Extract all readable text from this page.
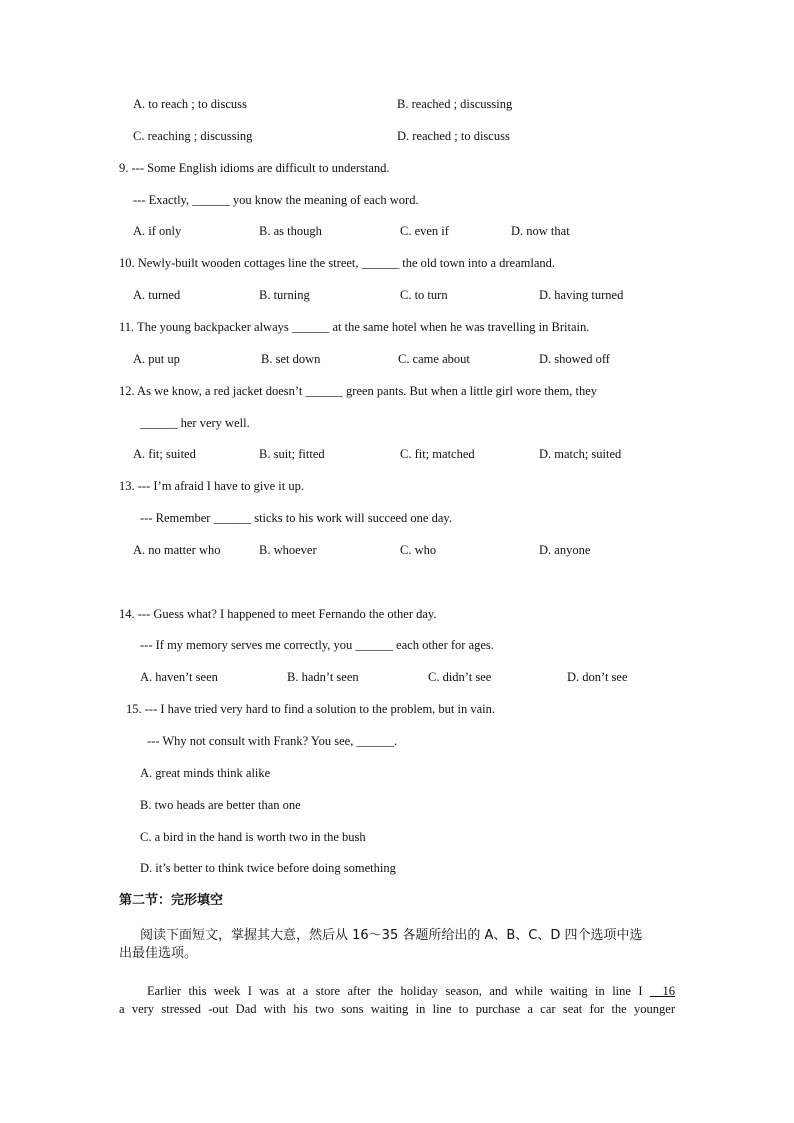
A. to reach ; to discuss	B. reached ; discussing
C. reaching ; discussing	D. reached ; to discuss
9. --- Some English idioms are difficult to understand.
--- Exactly, ______ you know the meaning of each word.
A. if only	B. as though	C. even if	D. now that
10. Newly-built wooden cottages line the street, ______ the old town into a dreamland.
A. turned	B. turning	C. to turn	D. having turned
11. The young backpacker always ______ at the same hotel when he was travelling in Britain.
A. put up	B. set down	C. came about	D. showed off
12. As we know, a red jacket doesn’t ______ green pants. But when a little girl wore them, they
______ her very well.
A. fit; suited	B. suit; fitted	C. fit; matched	D. match; suited
13. --- I’m afraid I have to give it up.
--- Remember ______ sticks to his work will succeed one day.
A. no matter who	B. whoever	C. who	D. anyone
14. --- Guess what? I happened to meet Fernando the other day.
--- If my memory serves me correctly, you ______ each other for ages.
A. haven’t seen	B. hadn’t seen	C. didn’t see	D. don’t see
15. --- I have tried very hard to find a solution to the problem, but in vain.
--- Why not consult with Frank? You see, ______.
A. great minds think alike
B. two heads are better than one
C. a bird in the hand is worth two in the bush
D. it’s better to think twice before doing something
第二节：完形填空
阅读下面短文，掌握其大意，然后从 16～35 各题所给出的 A、B、C、D 四个选项中选
出最佳选项。
Earlier this week I was at a store after the holiday season, and while waiting in line I __16
a very stressed -out Dad with his two sons waiting in line to purchase a car seat for the younger
